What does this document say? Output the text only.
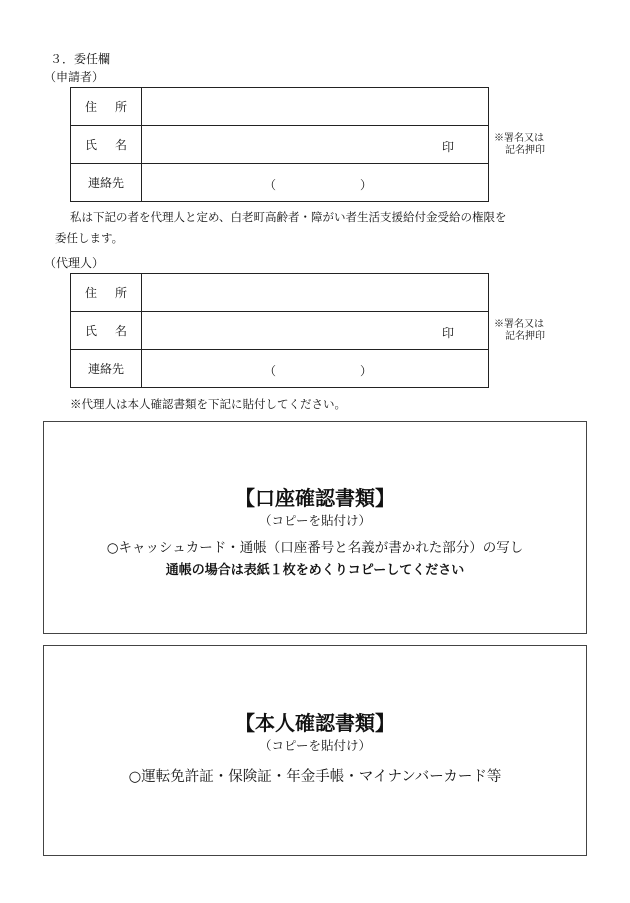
３．委任欄
（申請者）
住 所	
氏 名	印

連絡先	（ ）
※署名又は
記名押印
私は下記の者を代理人と定め、白老町高齢者・障がい者生活支援給付金受給の権限を
委任します。
（代理人）
住 所	
氏 名	印

連絡先	（ ）
※署名又は
記名押印
※代理人は本人確認書類を下記に貼付してください。
【口座確認書類】
（コピーを貼付け）
○キャッシュカード・通帳（口座番号と名義が書かれた部分）の写し
通帳の場合は表紙１枚をめくりコピーしてください
【本人確認書類】
（コピーを貼付け）
○運転免許証・保険証・年金手帳・マイナンバーカード等
